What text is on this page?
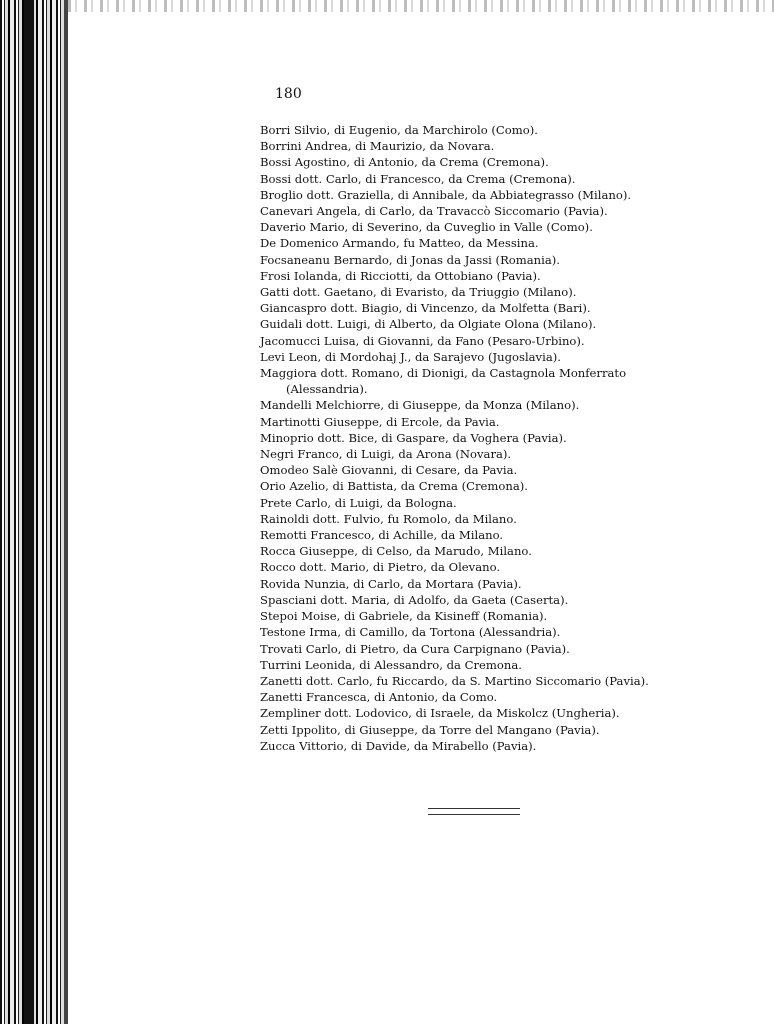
180

Borri Silvio, di Eugenio, da Marchirolo (Como).

Borrini Andrea, di Maurizio, da Novara.

Bossi Agostino, di Antonio, da Crema (Cremona).

Bossi dott. Carlo, di Francesco, da Crema (Cremona).

Broglio dott. Graziella, di Annibale, da Abbiategrasso (Milano).

Canevari Angela, di Carlo, da Travaccò Siccomario (Pavia).

Daverio Mario, di Severino, da Cuveglio in Valle (Como).

De Domenico Armando, fu Matteo, da Messina.

Focsaneanu Bernardo, di Jonas da Jassi (Romania).

Frosi Iolanda, di Ricciotti, da Ottobiano (Pavia).

Gatti dott. Gaetano, di Evaristo, da Triuggio (Milano).

Giancaspro dott. Biagio, di Vincenzo, da Molfetta (Bari).

Guidali dott. Luigi, di Alberto, da Olgiate Olona (Milano).

Jacomucci Luisa, di Giovanni, da Fano (Pesaro-Urbino).

Levi Leon, di Mordohaj J., da Sarajevo (Jugoslavia).

Maggiora dott. Romano, di Dionigi, da Castagnola Monferrato
(Alessandria).

Mandelli Melchiorre, di Giuseppe, da Monza (Milano).

Martinotti Giuseppe, di Ercole, da Pavia.

Minoprio dott. Bice, di Gaspare, da Voghera (Pavia).

Negri Franco, di Luigi, da Arona (Novara).

Omodeo Salè Giovanni, di Cesare, da Pavia.

Orio Azelio, di Battista, da Crema (Cremona).

Prete Carlo, di Luigi, da Bologna.

Rainoldi dott. Fulvio, fu Romolo, da Milano.

Remotti Francesco, di Achille, da Milano.

Rocca Giuseppe, di Celso, da Marudo, Milano.

Rocco dott. Mario, di Pietro, da Olevano.

Rovida Nunzia, di Carlo, da Mortara (Pavia).

Spasciani dott. Maria, di Adolfo, da Gaeta (Caserta).

Stepoi Moise, di Gabriele, da Kisineff (Romania).

Testone Irma, di Camillo, da Tortona (Alessandria).

Trovati Carlo, di Pietro, da Cura Carpignano (Pavia).

Turrini Leonida, di Alessandro, da Cremona.

Zanetti dott. Carlo, fu Riccardo, da S. Martino Siccomario (Pavia).

Zanetti Francesca, di Antonio, da Como.

Zempliner dott. Lodovico, di Israele, da Miskolcz (Ungheria).

Zetti Ippolito, di Giuseppe, da Torre del Mangano (Pavia).

Zucca Vittorio, di Davide, da Mirabello (Pavia).
